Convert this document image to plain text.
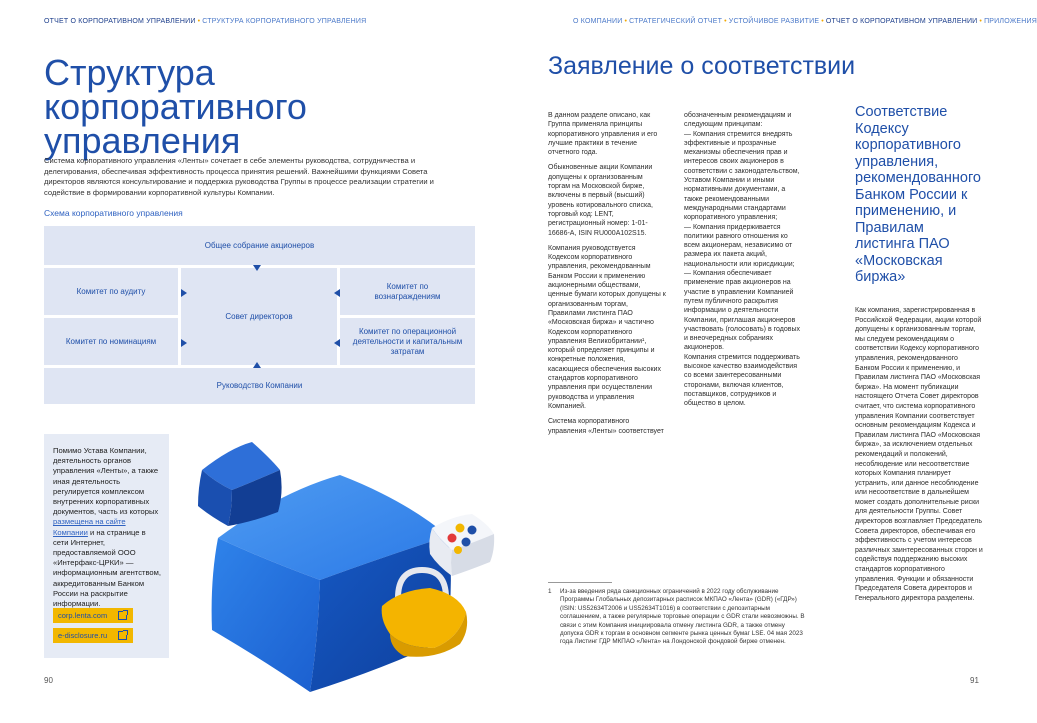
ОТЧЕТ О КОРПОРАТИВНОМ УПРАВЛЕНИИ • СТРУКТУРА КОРПОРАТИВНОГО УПРАВЛЕНИЯ
Структура корпоративного управления
Система корпоративного управления «Ленты» сочетает в себе элементы руководства, сотрудничества и делегирования, обеспечивая эффективность процесса принятия решений. Важнейшими функциями Совета директоров являются консультирование и поддержка руководства Группы в процессе реализации стратегии и содействие в формировании корпоративной культуры Компании.
Схема корпоративного управления
Общее собрание акционеров
Комитет по аудиту
Комитет по номинациям
Совет директоров
Комитет по вознаграждениям
Комитет по операционной деятельности и капитальным затратам
Руководство Компании
Помимо Устава Компании, деятельность органов управления «Ленты», а также иная деятельность регулируется комплексом внутренних корпоративных документов, часть из которых размещена на сайте Компании и на странице в сети Интернет, предоставляемой ООО «Интерфакс-ЦРКИ» — информационным агентством, аккредитованным Банком России на раскрытие информации.
corp.lenta.com
e-disclosure.ru
90
О КОМПАНИИ • СТРАТЕГИЧЕСКИЙ ОТЧЕТ • УСТОЙЧИВОЕ РАЗВИТИЕ • ОТЧЕТ О КОРПОРАТИВНОМ УПРАВЛЕНИИ • ПРИЛОЖЕНИЯ
Заявление о соответствии

В данном разделе описано, как Группа применяла принципы корпоративного управления и его лучшие практики в течение отчетного года.

Обыкновенные акции Компании допущены к организованным торгам на Московской бирже, включены в первый (высший) уровень котировального списка, торговый код: LENT, регистрационный номер: 1-01-16686-A, ISIN RU000A102S15.

Компания руководствуется Кодексом корпоративного управления, рекомендованным Банком России к применению акционерными обществами, ценные бумаги которых допущены к организованным торгам, Правилами листинга ПАО «Московская биржа» и частично Кодексом корпоративного управления Великобритании¹, который определяет принципы и конкретные положения, касающиеся обеспечения высоких стандартов корпоративного управления при осуществлении руководства и управления Компанией.

Система корпоративного управления «Ленты» соответствует

обозначенным рекомендациям и следующим принципам:

— Компания стремится внедрять эффективные и прозрачные механизмы обеспечения прав и интересов своих акционеров в соответствии с законодательством, Уставом Компании и иными нормативными документами, а также рекомендованными международными стандартами корпоративного управления;

— Компания придерживается политики равного отношения ко всем акционерам, независимо от размера их пакета акций, национальности или юрисдикции;

— Компания обеспечивает применение прав акционеров на участие в управлении Компанией путем публичного раскрытия информации о деятельности Компании, приглашая акционеров участвовать (голосовать) в годовых и внеочередных собраниях акционеров.

Компания стремится поддерживать высокое качество взаимодействия со всеми заинтересованными сторонами, включая клиентов, поставщиков, сотрудников и общество в целом.

1 Из-за введения ряда санкционных ограничений в 2022 году обслуживание Программы Глобальных депозитарных расписок МКПАО «Лента» (GDR) («ГДР») (ISIN: US52634T2006 и US52634T1016) в соответствии с депозитарным соглашением, а также регулярные торговые операции с GDR стали невозможны. В связи с этим Компания инициировала отмену листинга GDR, а также отмену допуска GDR к торгам в основном сегменте рынка ценных бумаг LSE. 04 мая 2023 года Листинг ГДР МКПАО «Лента» на Лондонской фондовой бирже отменен.
Соответствие Кодексу корпоративного управления, рекомендованного Банком России к применению, и Правилам листинга ПАО «Московская биржа»
Как компания, зарегистрированная в Российской Федерации, акции которой допущены к организованным торгам, мы следуем рекомендациям о соответствии Кодексу корпоративного управления, рекомендованного Банком России к применению, и Правилам листинга ПАО «Московская биржа». На момент публикации настоящего Отчета Совет директоров считает, что система корпоративного управления Компании соответствует основным рекомендациям Кодекса и Правилам листинга ПАО «Московская биржа», за исключением отдельных рекомендаций и положений, несоблюдение или несоответствие которых Компания планирует устранить, или данное несоблюдение или несоответствие в дальнейшем может создать дополнительные риски для деятельности Группы. Совет директоров возглавляет Председатель Совета директоров, обеспечивая его эффективность с учетом интересов различных заинтересованных сторон и содействуя поддержанию высоких стандартов корпоративного управления. Функции и обязанности Председателя Совета директоров и Генерального директора разделены.
91
